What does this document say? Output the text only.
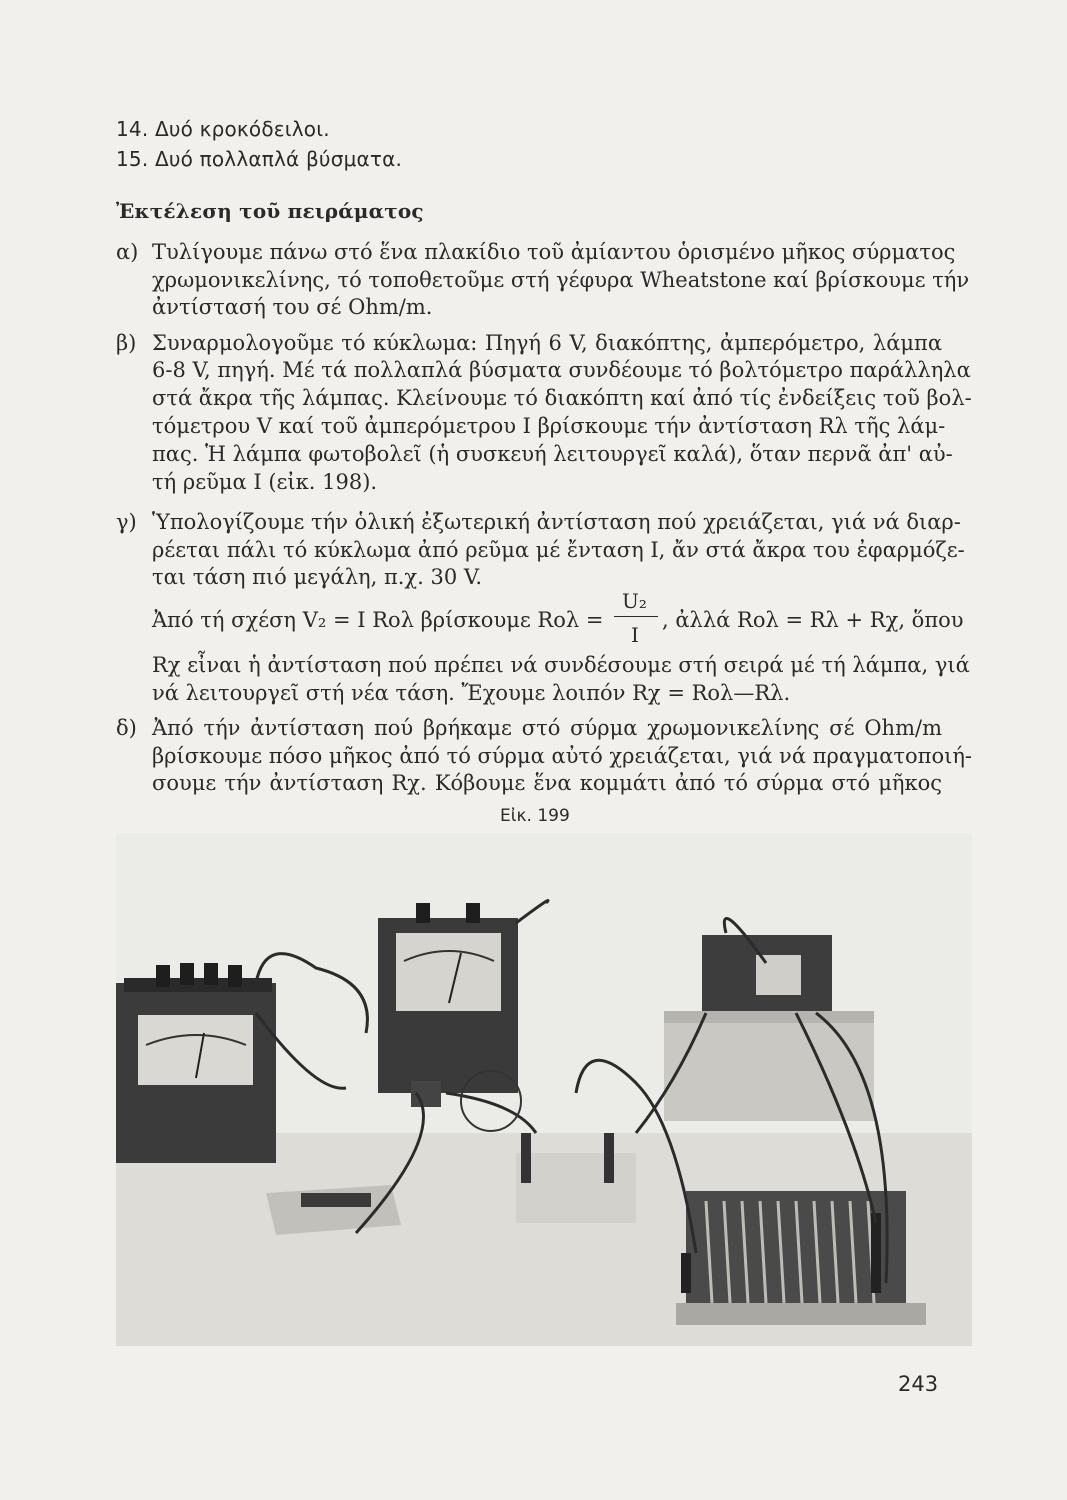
14. Δυό κροκόδειλοι.
15. Δυό πολλαπλά βύσματα.
Ἐκτέλεση τοῦ πειράματος
α) Τυλίγουμε πάνω στό ἕνα πλακίδιο τοῦ ἀμίαντου ὁρισμένο μῆκος σύρματος
χρωμονικελίνης, τό τοποθετοῦμε στή γέφυρα Wheatstone καί βρίσκουμε τήν
ἀντίστασή του σέ Ohm/m.
β) Συναρμολογοῦμε τό κύκλωμα: Πηγή 6 V, διακόπτης, ἀμπερόμετρο, λάμπα
6-8 V, πηγή. Μέ τά πολλαπλά βύσματα συνδέουμε τό βολτόμετρο παράλληλα
στά ἄκρα τῆς λάμπας. Κλείνουμε τό διακόπτη καί ἀπό τίς ἐνδείξεις τοῦ βολ-
τόμετρου V καί τοῦ ἀμπερόμετρου I βρίσκουμε τήν ἀντίσταση Rλ τῆς λάμ-
πας. Ἡ λάμπα φωτοβολεῖ (ἡ συσκευή λειτουργεῖ καλά), ὅταν περνᾶ ἀπ' αὐ-
τή ρεῦμα I (εἰκ. 198).
γ) Ὑπολογίζουμε τήν ὁλική ἐξωτερική ἀντίσταση πού χρειάζεται, γιά νά διαρ-
ρέεται πάλι τό κύκλωμα ἀπό ρεῦμα μέ ἔνταση I, ἄν στά ἄκρα του ἐφαρμόζε-
ται τάση πιό μεγάλη, π.χ. 30 V.
Ἀπό τή σχέση V₂ = I Rολ βρίσκουμε Rολ =
U₂
I
, ἀλλά Rολ = Rλ + Rχ, ὅπου
Rχ εἶναι ἡ ἀντίσταση πού πρέπει νά συνδέσουμε στή σειρά μέ τή λάμπα, γιά
νά λειτουργεῖ στή νέα τάση. Ἔχουμε λοιπόν Rχ = Rολ—Rλ.
δ) Ἀπό τήν ἀντίσταση πού βρήκαμε στό σύρμα χρωμονικελίνης σέ Ohm/m
βρίσκουμε πόσο μῆκος ἀπό τό σύρμα αὐτό χρειάζεται, γιά νά πραγματοποιή-
σουμε τήν ἀντίσταση Rχ. Κόβουμε ἕνα κομμάτι ἀπό τό σύρμα στό μῆκος
Εἰκ. 199
243
